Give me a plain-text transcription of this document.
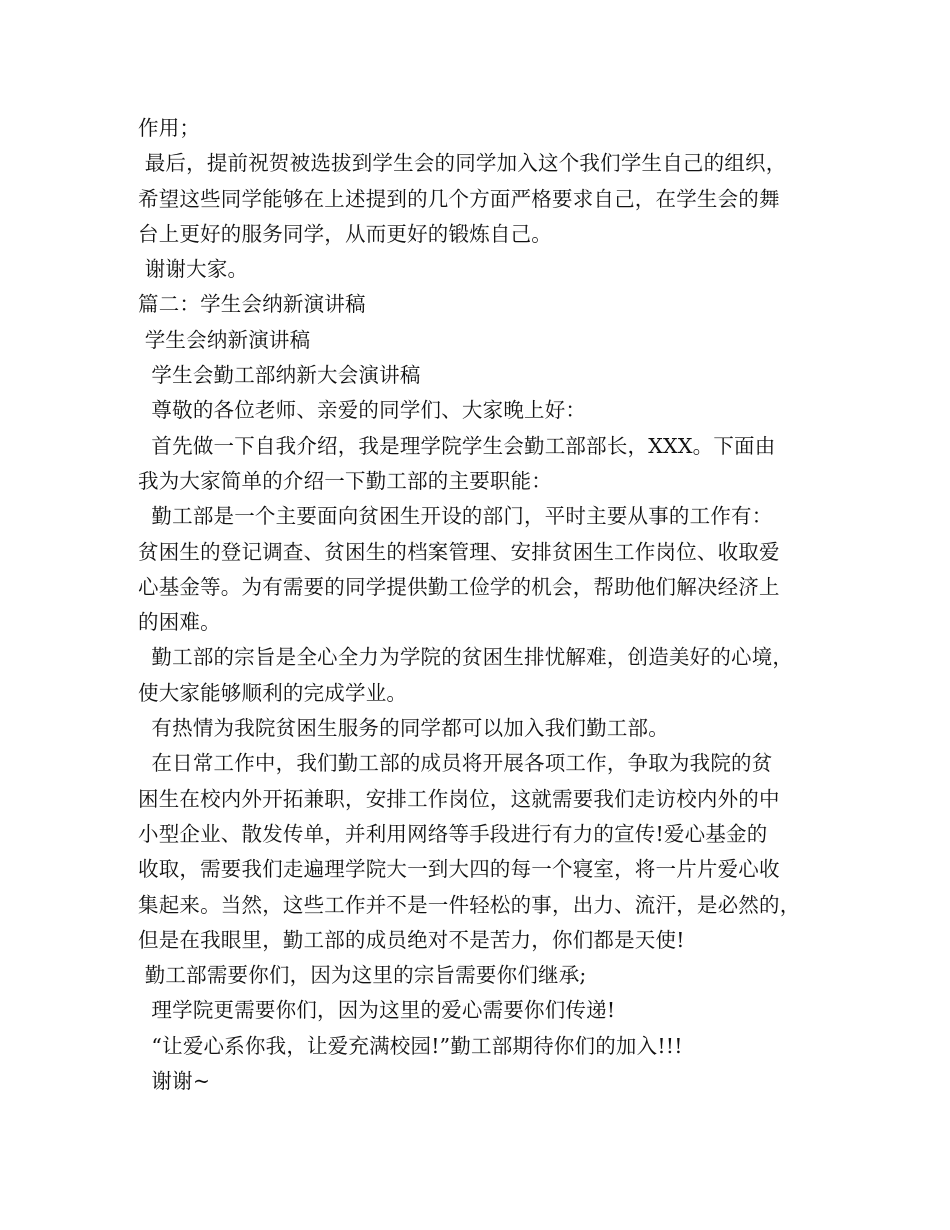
作用；
最后，提前祝贺被选拔到学生会的同学加入这个我们学生自己的组织，
希望这些同学能够在上述提到的几个方面严格要求自己，在学生会的舞
台上更好的服务同学，从而更好的锻炼自己。
谢谢大家。
篇二：学生会纳新演讲稿
学生会纳新演讲稿
学生会勤工部纳新大会演讲稿
尊敬的各位老师、亲爱的同学们、大家晚上好：
首先做一下自我介绍，我是理学院学生会勤工部部长，XXX。下面由
我为大家简单的介绍一下勤工部的主要职能：
勤工部是一个主要面向贫困生开设的部门，平时主要从事的工作有：
贫困生的登记调查、贫困生的档案管理、安排贫困生工作岗位、收取爱
心基金等。为有需要的同学提供勤工俭学的机会，帮助他们解决经济上
的困难。
勤工部的宗旨是全心全力为学院的贫困生排忧解难，创造美好的心境，
使大家能够顺利的完成学业。
有热情为我院贫困生服务的同学都可以加入我们勤工部。
在日常工作中，我们勤工部的成员将开展各项工作，争取为我院的贫
困生在校内外开拓兼职，安排工作岗位，这就需要我们走访校内外的中
小型企业、散发传单，并利用网络等手段进行有力的宣传!爱心基金的
收取，需要我们走遍理学院大一到大四的每一个寝室，将一片片爱心收
集起来。当然，这些工作并不是一件轻松的事，出力、流汗，是必然的，
但是在我眼里，勤工部的成员绝对不是苦力，你们都是天使!
勤工部需要你们，因为这里的宗旨需要你们继承;
理学院更需要你们，因为这里的爱心需要你们传递!
“让爱心系你我，让爱充满校园!”勤工部期待你们的加入!!!
谢谢~
